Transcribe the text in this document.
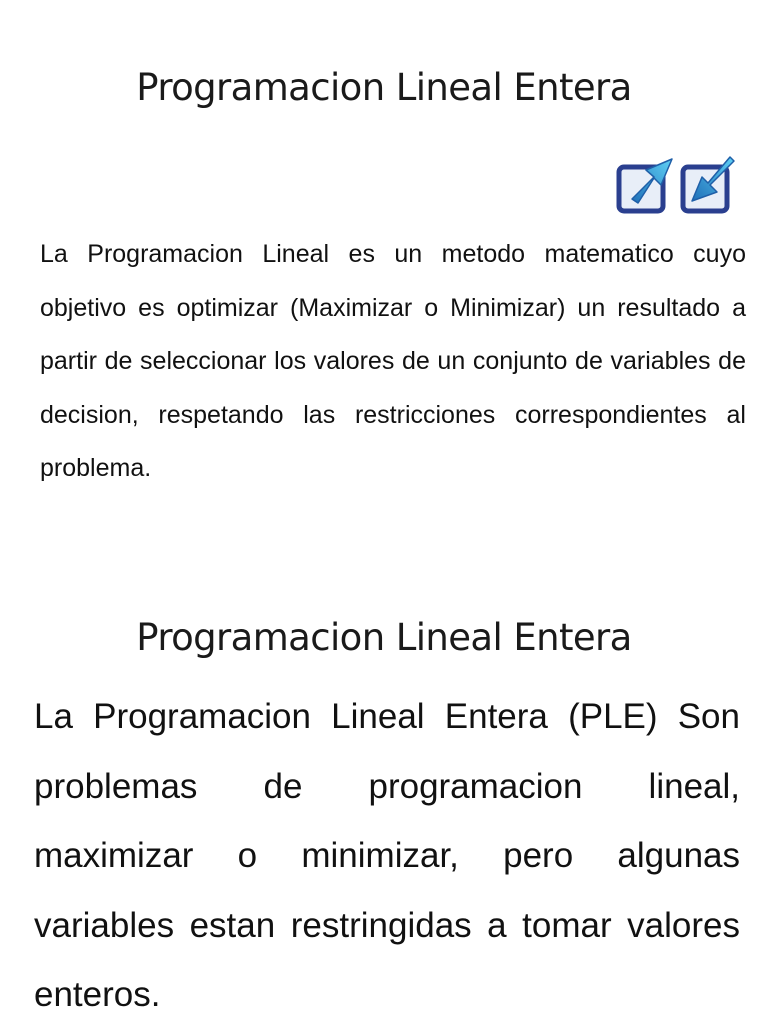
Programacion Lineal Entera

La Programacion Lineal es un metodo matematico cuyo objetivo es optimizar (Maximizar o Minimizar) un resultado a partir de seleccionar los valores de un conjunto de variables de decision, respetando las restricciones correspondientes al problema.

Programacion Lineal Entera

La Programacion Lineal Entera (PLE) Son problemas de programacion lineal, maximizar o minimizar, pero algunas variables estan restringidas a tomar valores enteros.
